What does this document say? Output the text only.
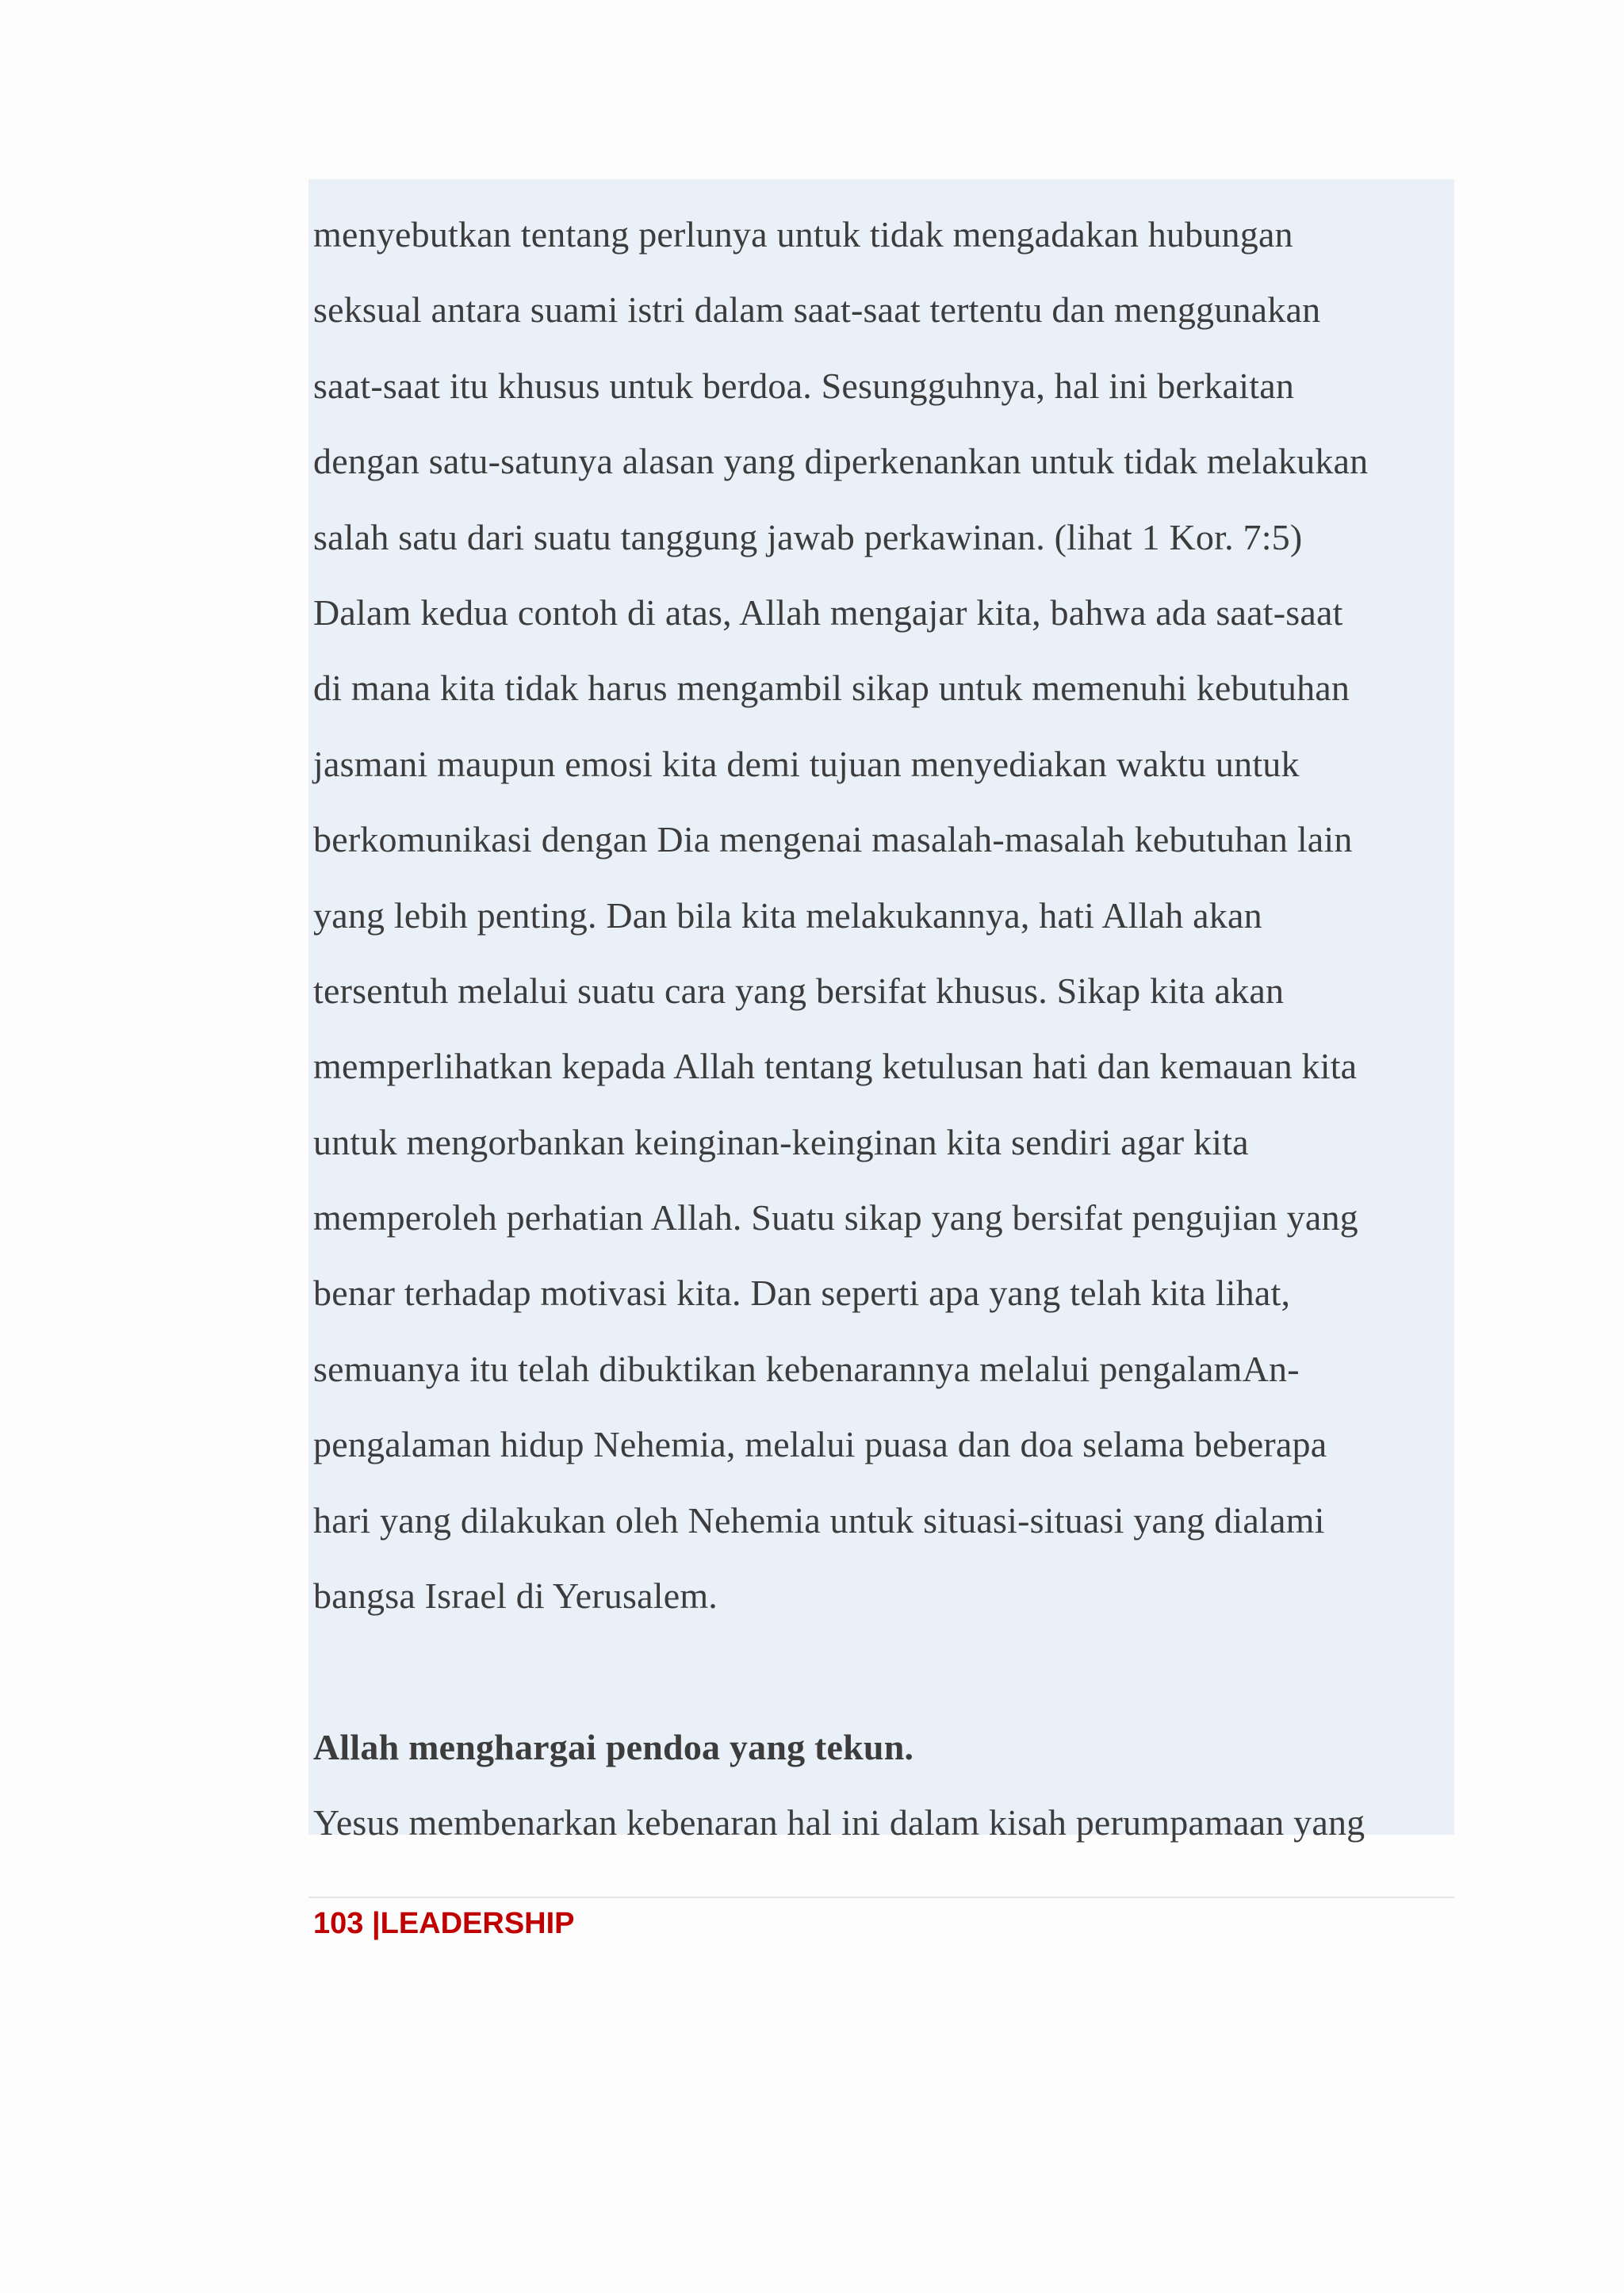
menyebutkan tentang perlunya untuk tidak mengadakan hubungan
seksual antara suami istri dalam saat-saat tertentu dan menggunakan
saat-saat itu khusus untuk berdoa. Sesungguhnya, hal ini berkaitan
dengan satu-satunya alasan yang diperkenankan untuk tidak melakukan
salah satu dari suatu tanggung jawab perkawinan. (lihat 1 Kor. 7:5)
Dalam kedua contoh di atas, Allah mengajar kita, bahwa ada saat-saat
di mana kita tidak harus mengambil sikap untuk memenuhi kebutuhan
jasmani maupun emosi kita demi tujuan menyediakan waktu untuk
berkomunikasi dengan Dia mengenai masalah-masalah kebutuhan lain
yang lebih penting. Dan bila kita melakukannya, hati Allah akan
tersentuh melalui suatu cara yang bersifat khusus. Sikap kita akan
memperlihatkan kepada Allah tentang ketulusan hati dan kemauan kita
untuk mengorbankan keinginan-keinginan kita sendiri agar kita
memperoleh perhatian Allah. Suatu sikap yang bersifat pengujian yang
benar terhadap motivasi kita. Dan seperti apa yang telah kita lihat,
semuanya itu telah dibuktikan kebenarannya melalui pengalamAn-
pengalaman hidup Nehemia, melalui puasa dan doa selama beberapa
hari yang dilakukan oleh Nehemia untuk situasi-situasi yang dialami
bangsa Israel di Yerusalem.
Allah menghargai pendoa yang tekun.
Yesus membenarkan kebenaran hal ini dalam kisah perumpamaan yang
103 |LEADERSHIP
